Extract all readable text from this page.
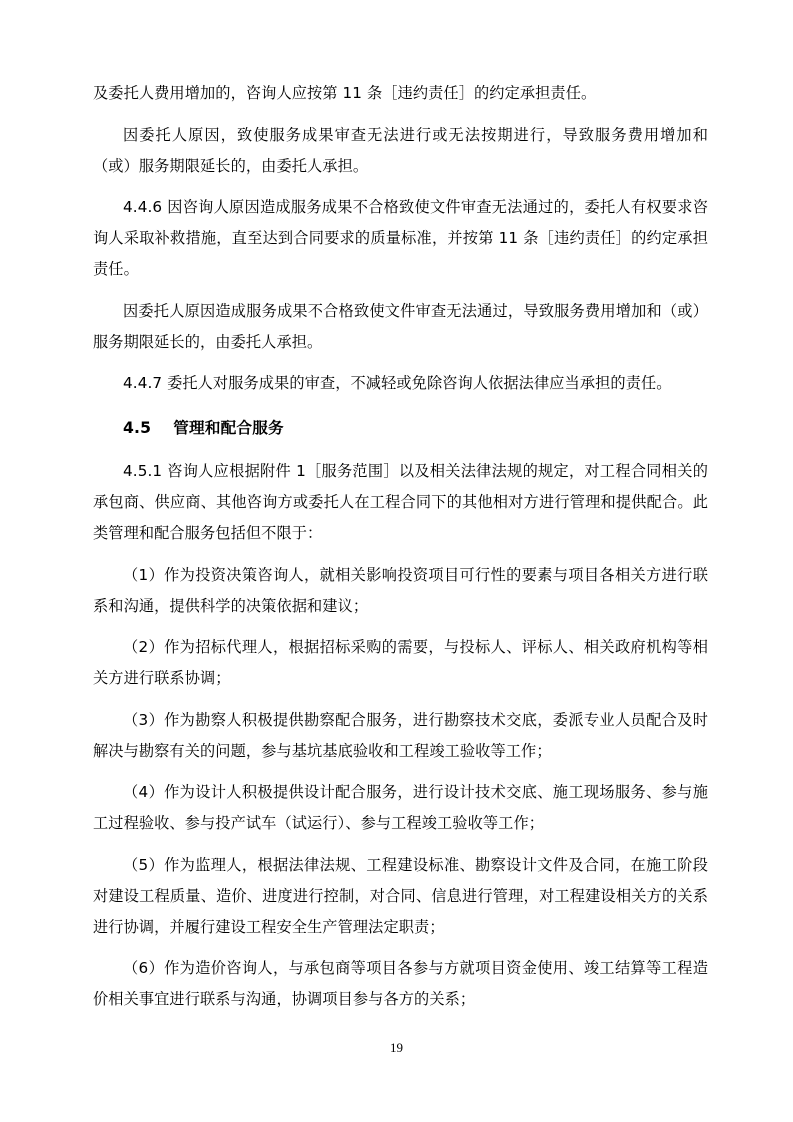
及委托人费用增加的，咨询人应按第 11 条［违约责任］的约定承担责任。

因委托人原因，致使服务成果审查无法进行或无法按期进行，导致服务费用增加和（或）服务期限延长的，由委托人承担。

4.4.6 因咨询人原因造成服务成果不合格致使文件审查无法通过的，委托人有权要求咨询人采取补救措施，直至达到合同要求的质量标准，并按第 11 条［违约责任］的约定承担责任。

因委托人原因造成服务成果不合格致使文件审查无法通过，导致服务费用增加和（或）服务期限延长的，由委托人承担。

4.4.7 委托人对服务成果的审查，不减轻或免除咨询人依据法律应当承担的责任。

4.5 管理和配合服务

4.5.1 咨询人应根据附件 1［服务范围］以及相关法律法规的规定，对工程合同相关的承包商、供应商、其他咨询方或委托人在工程合同下的其他相对方进行管理和提供配合。此类管理和配合服务包括但不限于：

（1）作为投资决策咨询人，就相关影响投资项目可行性的要素与项目各相关方进行联系和沟通，提供科学的决策依据和建议；

（2）作为招标代理人，根据招标采购的需要，与投标人、评标人、相关政府机构等相关方进行联系协调；

（3）作为勘察人积极提供勘察配合服务，进行勘察技术交底，委派专业人员配合及时解决与勘察有关的问题，参与基坑基底验收和工程竣工验收等工作；

（4）作为设计人积极提供设计配合服务，进行设计技术交底、施工现场服务、参与施工过程验收、参与投产试车（试运行）、参与工程竣工验收等工作；

（5）作为监理人，根据法律法规、工程建设标准、勘察设计文件及合同，在施工阶段对建设工程质量、造价、进度进行控制，对合同、信息进行管理，对工程建设相关方的关系进行协调，并履行建设工程安全生产管理法定职责；

（6）作为造价咨询人，与承包商等项目各参与方就项目资金使用、竣工结算等工程造价相关事宜进行联系与沟通，协调项目参与各方的关系；

19
